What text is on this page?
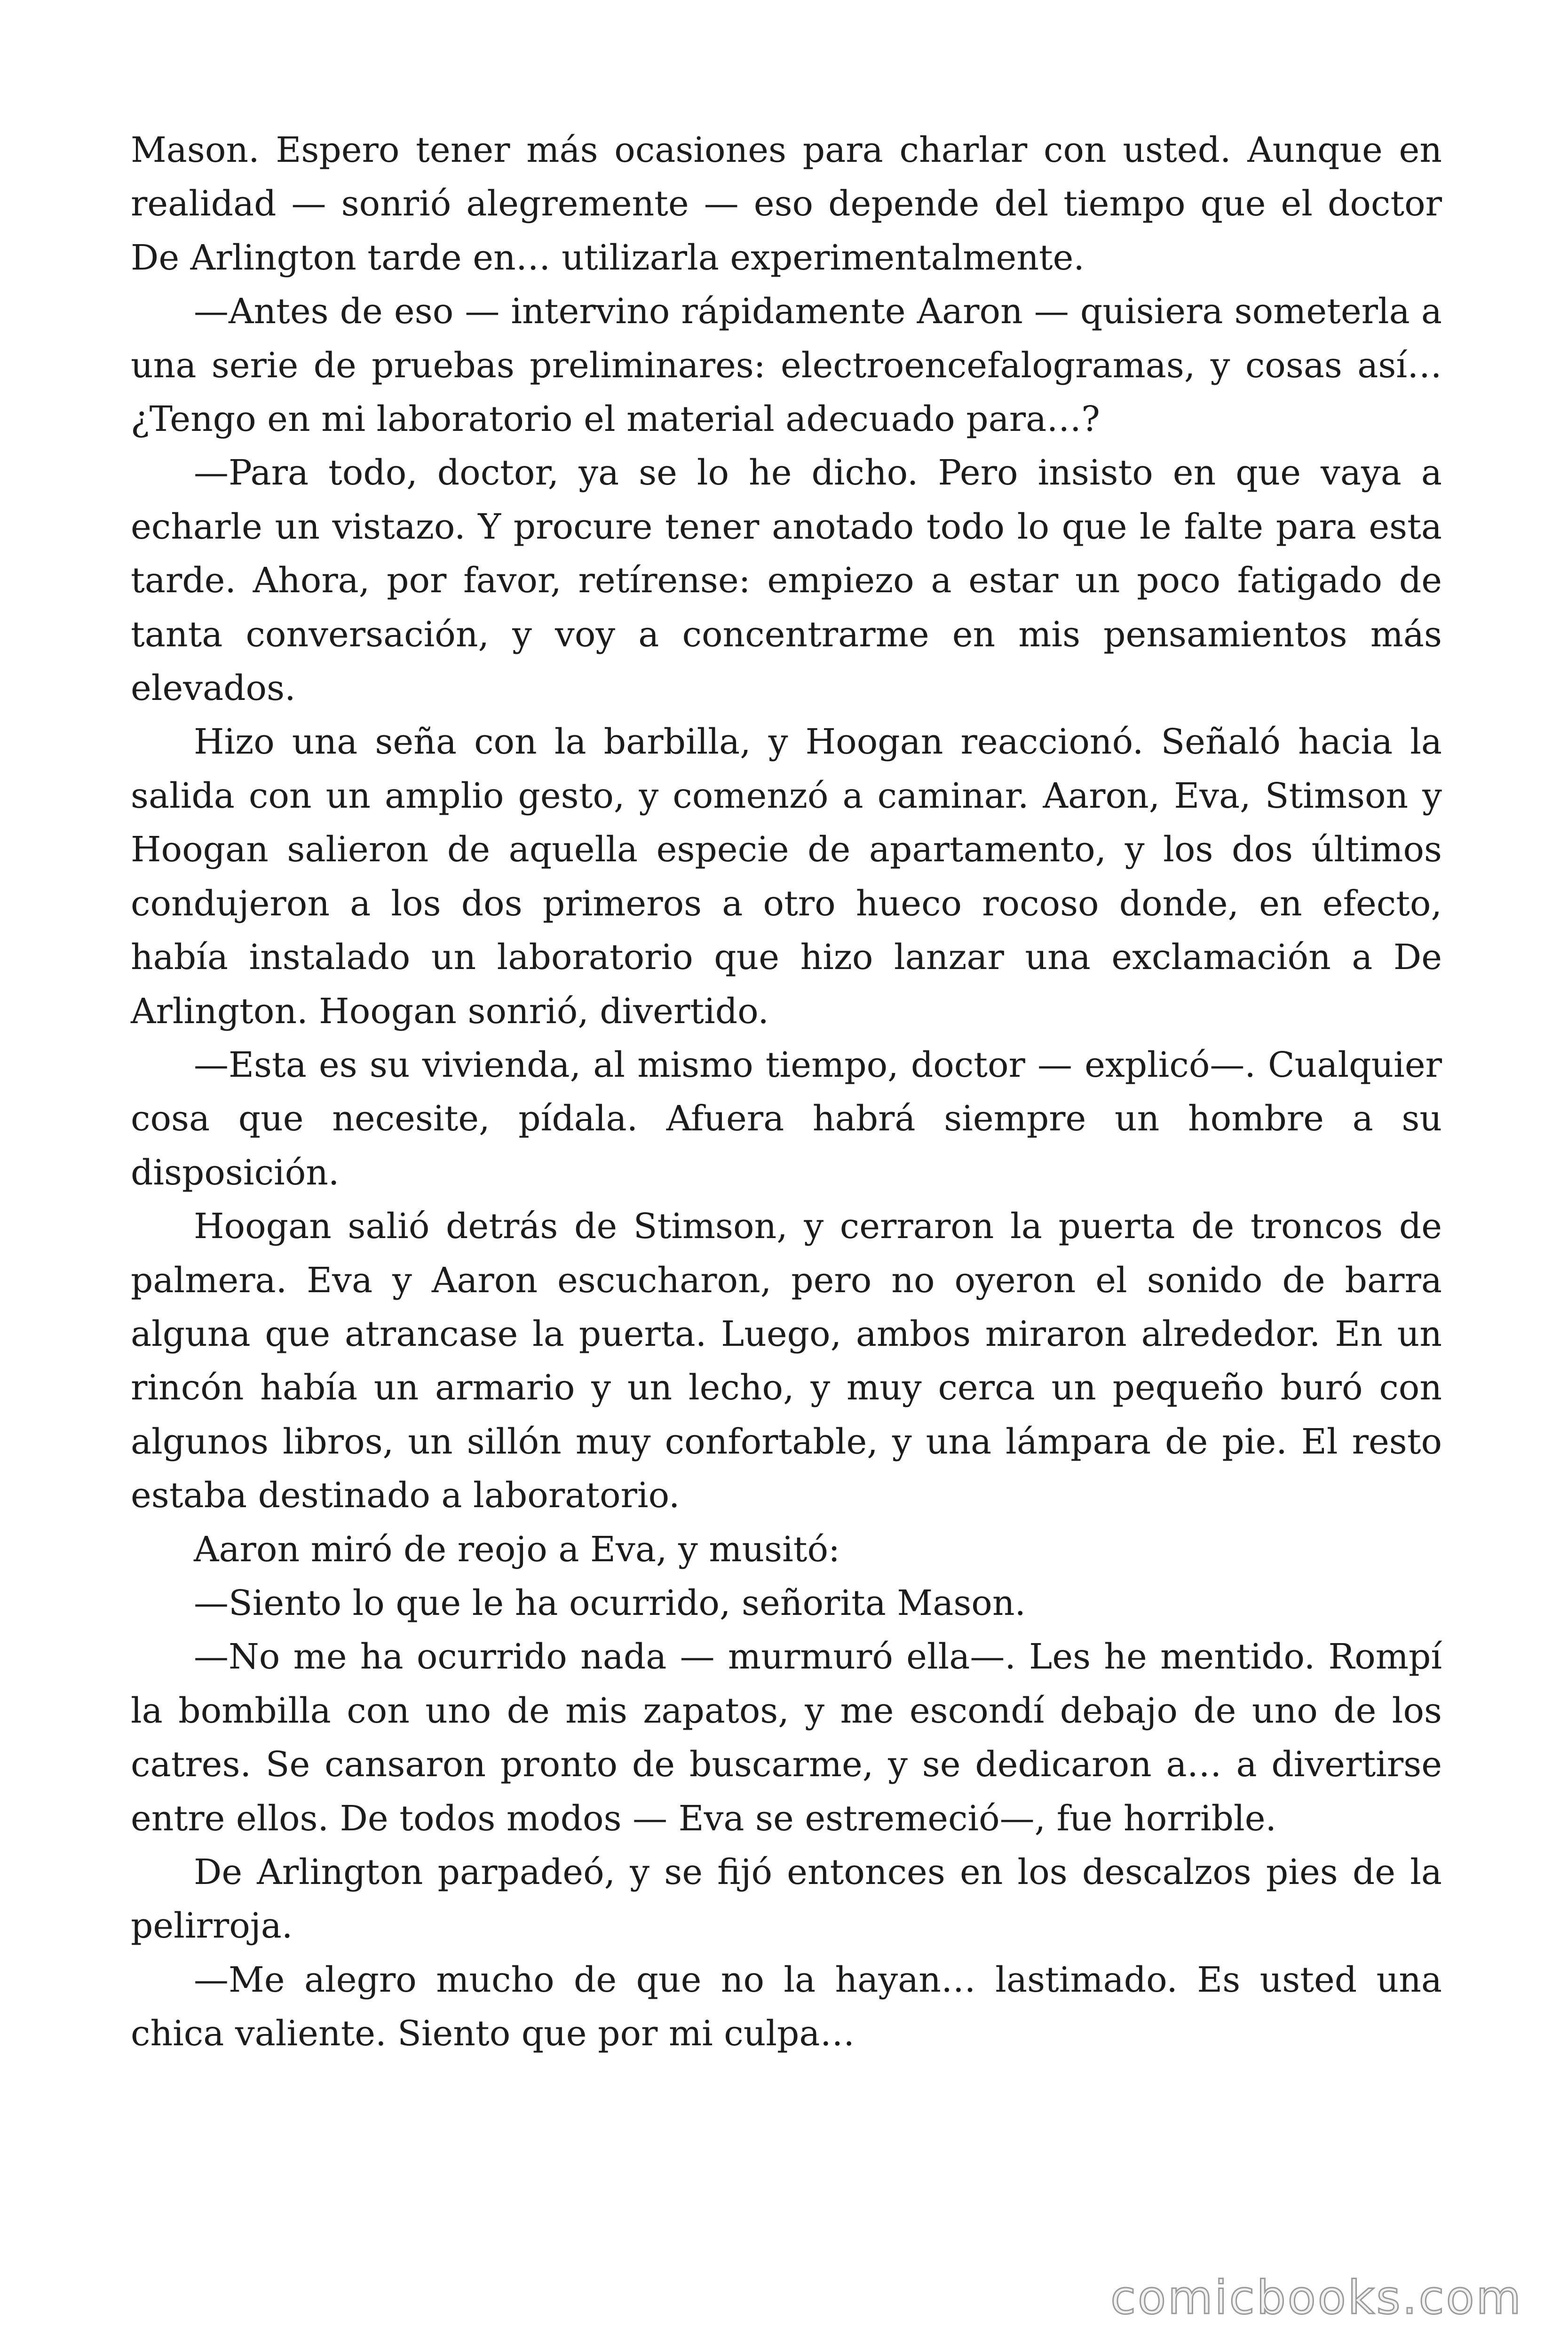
Mason. Espero tener más ocasiones para charlar con usted. Aunque en realidad — sonrió alegremente — eso depende del tiempo que el doctor De Arlington tarde en… utilizarla experimentalmente.

—Antes de eso — intervino rápidamente Aaron — quisiera someterla a una serie de pruebas preliminares: electroencefalogramas, y cosas así… ¿Tengo en mi laboratorio el material adecuado para…?

—Para todo, doctor, ya se lo he dicho. Pero insisto en que vaya a echarle un vistazo. Y procure tener anotado todo lo que le falte para esta tarde. Ahora, por favor, retírense: empiezo a estar un poco fatigado de tanta conversación, y voy a concentrarme en mis pensamientos más elevados.

Hizo una seña con la barbilla, y Hoogan reaccionó. Señaló hacia la salida con un amplio gesto, y comenzó a caminar. Aaron, Eva, Stimson y Hoogan salieron de aquella especie de apartamento, y los dos últimos condujeron a los dos primeros a otro hueco rocoso donde, en efecto, había instalado un laboratorio que hizo lanzar una exclamación a De Arlington. Hoogan sonrió, divertido.

—Esta es su vivienda, al mismo tiempo, doctor — explicó—. Cualquier cosa que necesite, pídala. Afuera habrá siempre un hombre a su disposición.

Hoogan salió detrás de Stimson, y cerraron la puerta de troncos de palmera. Eva y Aaron escucharon, pero no oyeron el sonido de barra alguna que atrancase la puerta. Luego, ambos miraron alrededor. En un rincón había un armario y un lecho, y muy cerca un pequeño buró con algunos libros, un sillón muy confortable, y una lámpara de pie. El resto estaba destinado a laboratorio.

Aaron miró de reojo a Eva, y musitó:

—Siento lo que le ha ocurrido, señorita Mason.

—No me ha ocurrido nada — murmuró ella—. Les he mentido. Rompí la bombilla con uno de mis zapatos, y me escondí debajo de uno de los catres. Se cansaron pronto de buscarme, y se dedicaron a… a divertirse entre ellos. De todos modos — Eva se estremeció—, fue horrible.

De Arlington parpadeó, y se fijó entonces en los descalzos pies de la pelirroja.

—Me alegro mucho de que no la hayan… lastimado. Es usted una chica valiente. Siento que por mi culpa…

comicbooks.com
